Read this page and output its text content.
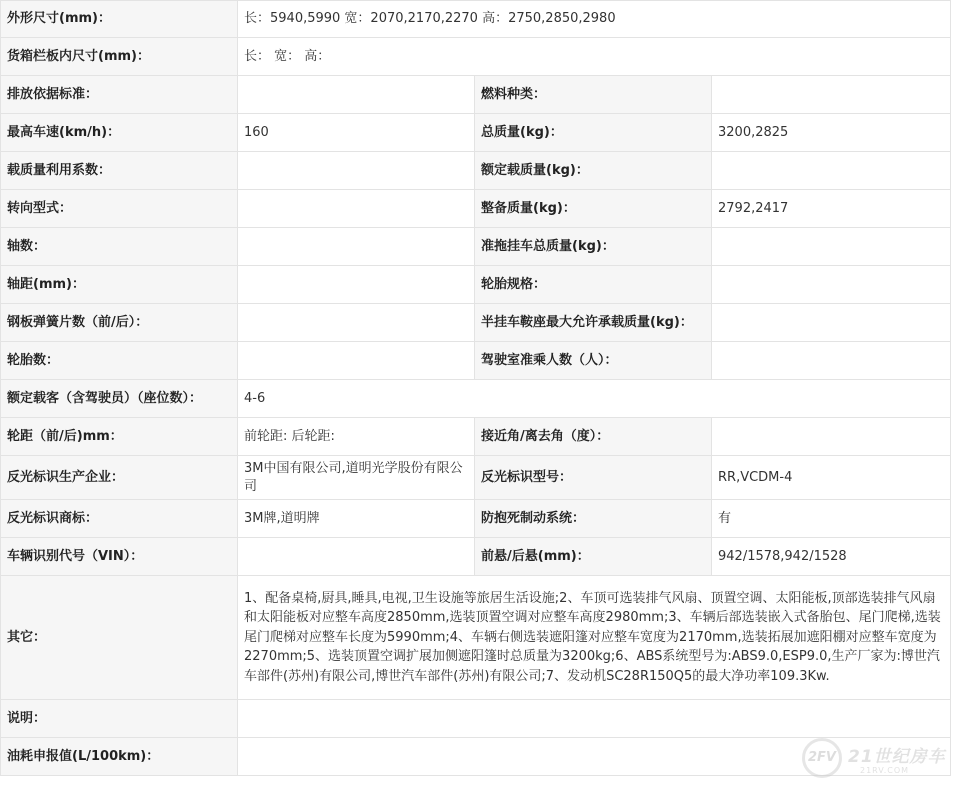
外形尺寸(mm)：	长：5940,5990 宽：2070,2170,2270 高：2750,2850,2980		
货箱栏板内尺寸(mm)：	长： 宽： 高：		
排放依据标准：		燃料种类：	
最高车速(km/h)：	160	总质量(kg)：	3200,2825
载质量利用系数：		额定载质量(kg)：	
转向型式：		整备质量(kg)：	2792,2417
轴数：		准拖挂车总质量(kg)：	
轴距(mm)：		轮胎规格：	
钢板弹簧片数（前/后）：		半挂车鞍座最大允许承载质量(kg)：	
轮胎数：		驾驶室准乘人数（人）：	
额定载客（含驾驶员）（座位数）：	4-6		
轮距（前/后)mm：	前轮距: 后轮距:	接近角/离去角（度）：	
反光标识生产企业：	3M中国有限公司,道明光学股份有限公司	反光标识型号：	RR,VCDM-4
反光标识商标：	3M牌,道明牌	防抱死制动系统：	有
车辆识别代号（VIN）：		前悬/后悬(mm)：	942/1578,942/1528
其它：	1、配备桌椅,厨具,睡具,电视,卫生设施等旅居生活设施;2、车顶可选装排气风扇、顶置空调、太阳能板,顶部选装排气风扇和太阳能板对应整车高度2850mm,选装顶置空调对应整车高度2980mm;3、车辆后部选装嵌入式备胎包、尾门爬梯,选装尾门爬梯对应整车长度为5990mm;4、车辆右侧选装遮阳篷对应整车宽度为2170mm,选装拓展加遮阳棚对应整车宽度为2270mm;5、选装顶置空调扩展加侧遮阳篷时总质量为3200kg;6、ABS系统型号为:ABS9.0,ESP9.0,生产厂家为:博世汽车部件(苏州)有限公司,博世汽车部件(苏州)有限公司;7、发动机SC28R150Q5的最大净功率109.3Kw.		
说明：			
油耗申报值(L/100km)：				2FV 21世纪房车
21RV.COM
